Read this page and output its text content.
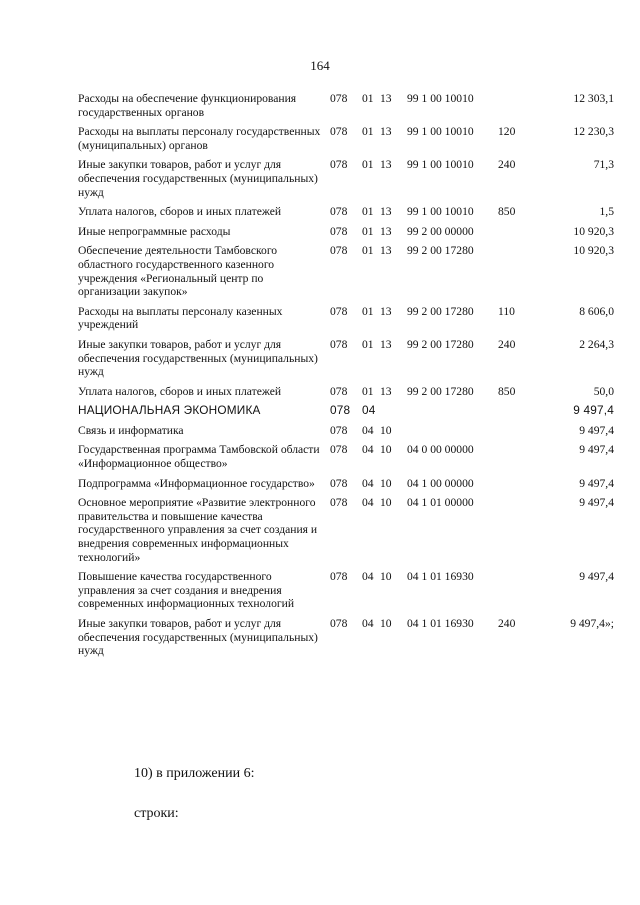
164
Расходы на обеспечение функционирования государственных органов
078 01 13 99 1 00 10010	12 303,1
Расходы на выплаты персоналу государственных (муниципальных) органов
078 01 13 99 1 00 10010 120	12 230,3
Иные закупки товаров, работ и услуг для обеспечения государственных (муниципальных) нужд
078 01 13 99 1 00 10010 240	71,3
Уплата налогов, сборов и иных платежей	078 01 13 99 1 00 10010 850	1,5
Иные непрограммные расходы	078 01 13 99 2 00 00000	10 920,3
Обеспечение деятельности Тамбовского областного государственного казенного учреждения «Региональный центр по организации закупок»
078 01 13 99 2 00 17280	10 920,3
Расходы на выплаты персоналу казенных учреждений
078 01 13 99 2 00 17280 110	8 606,0
Иные закупки товаров, работ и услуг для обеспечения государственных (муниципальных) нужд
078 01 13 99 2 00 17280 240	2 264,3
Уплата налогов, сборов и иных платежей	078 01 13 99 2 00 17280 850	50,0
НАЦИОНАЛЬНАЯ ЭКОНОМИКА	078 04	9 497,4
Связь и информатика	078 04 10	9 497,4
Государственная программа Тамбовской области «Информационное общество»
078 04 10 04 0 00 00000	9 497,4
Подпрограмма «Информационное государство»	078 04 10 04 1 00 00000	9 497,4
Основное мероприятие «Развитие электронного правительства и повышение качества государственного управления за счет создания и внедрения современных информационных технологий»
078 04 10 04 1 01 00000	9 497,4
Повышение качества государственного управления за счет создания и внедрения современных информационных технологий
078 04 10 04 1 01 16930	9 497,4
Иные закупки товаров, работ и услуг для обеспечения государственных (муниципальных) нужд
078 04 10 04 1 01 16930 240	9 497,4»;
10) в приложении 6:
строки:
